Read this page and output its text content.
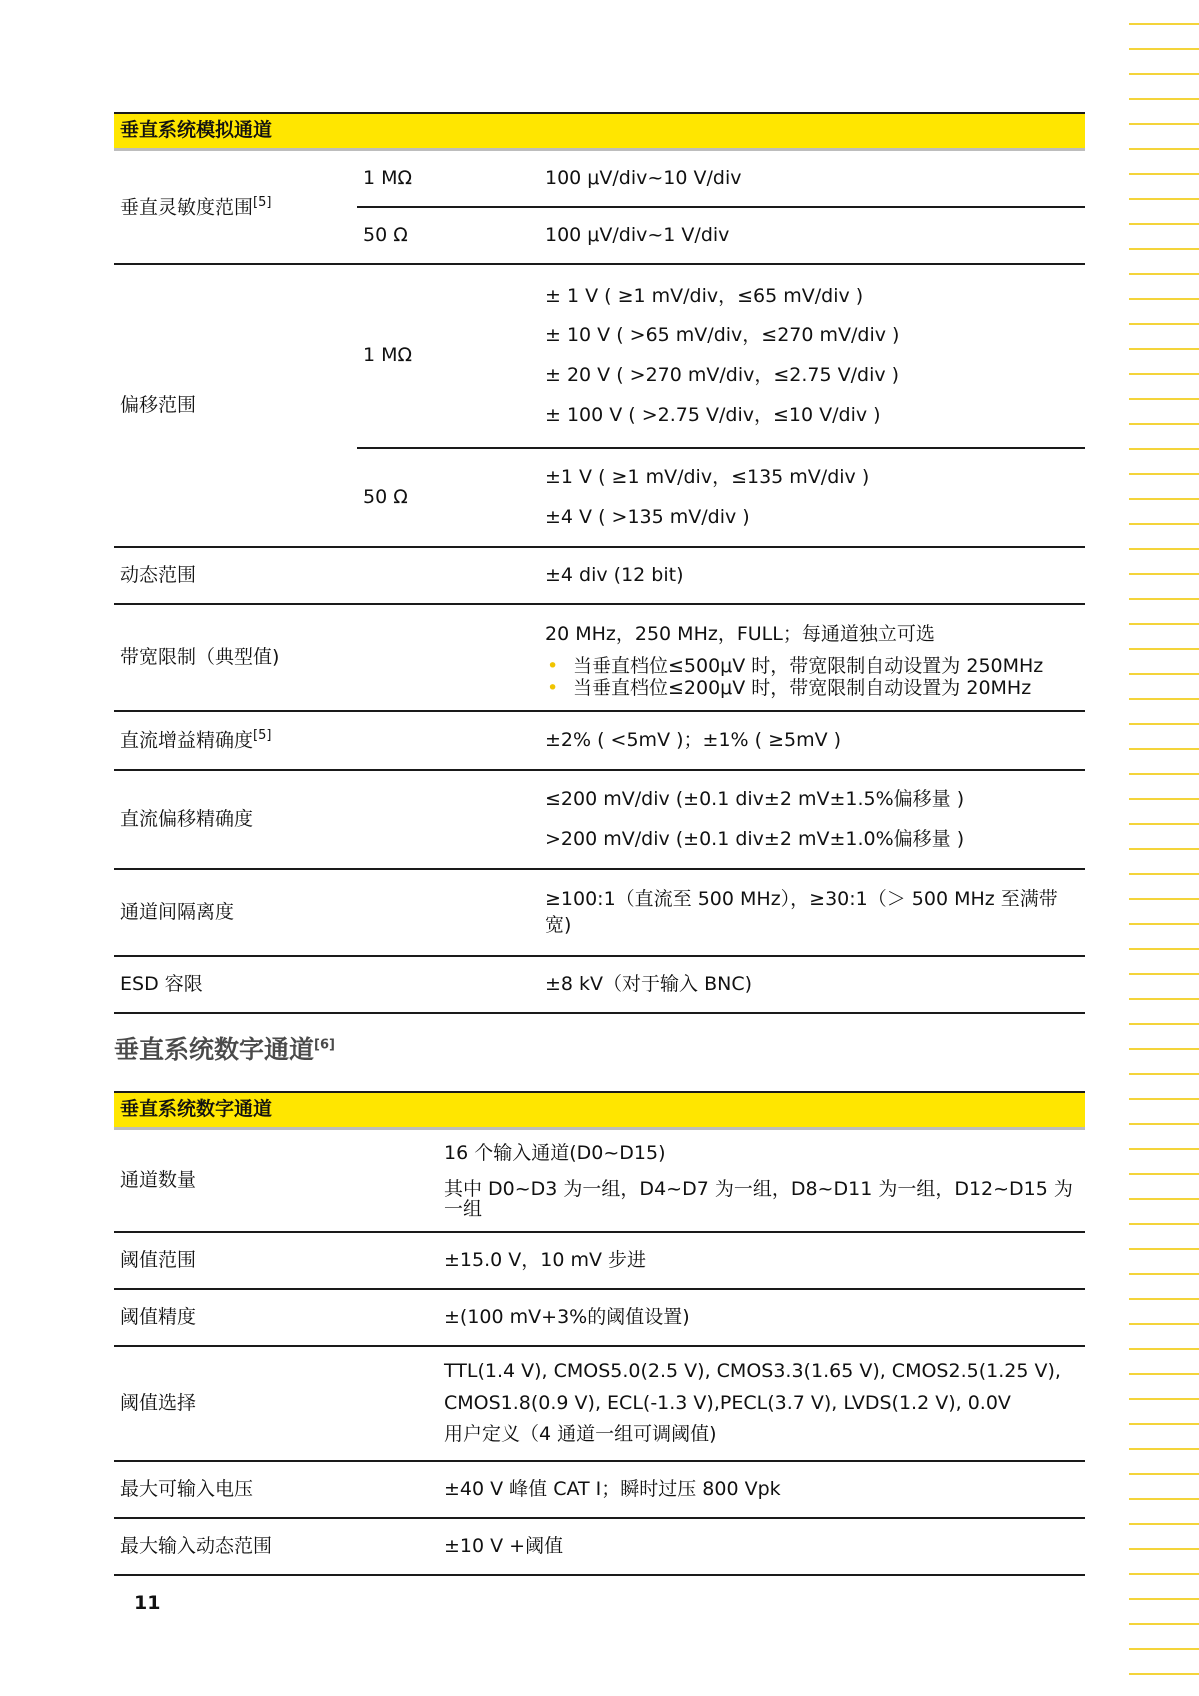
垂直系统模拟通道		
垂直灵敏度范围[5]	1 MΩ	100 μV/div~10 V/div
	50 Ω	100 μV/div~1 V/div
偏移范围	1 MΩ	± 1 V ( ≥1 mV/div，≤65 mV/div )
± 10 V ( >65 mV/div，≤270 mV/div )
± 20 V ( >270 mV/div，≤2.75 V/div )
± 100 V ( >2.75 V/div，≤10 V/div )

	50 Ω	±1 V ( ≥1 mV/div，≤135 mV/div )
±4 V ( >135 mV/div )

动态范围		±4 div (12 bit)
带宽限制（典型值)		20 MHz，250 MHz，FULL；每通道独立可选
• 当垂直档位≤500μV 时，带宽限制自动设置为 250MHz
• 当垂直档位≤200μV 时，带宽限制自动设置为 20MHz

直流增益精确度[5]		±2% ( <5mV )；±1% ( ≥5mV )
直流偏移精确度		≤200 mV/div (±0.1 div±2 mV±1.5%偏移量 )
>200 mV/div (±0.1 div±2 mV±1.0%偏移量 )

通道间隔离度		≥100:1（直流至 500 MHz），≥30:1（＞ 500 MHz 至满带宽)
ESD 容限		±8 kV（对于输入 BNC)
垂直系统数字通道[6]
垂直系统数字通道	
通道数量	16 个输入通道(D0~D15)
其中 D0~D3 为一组，D4~D7 为一组，D8~D11 为一组，D12~D15 为一组

阈值范围	±15.0 V，10 mV 步进
阈值精度	±(100 mV+3%的阈值设置)
阈值选择	TTL(1.4 V), CMOS5.0(2.5 V), CMOS3.3(1.65 V), CMOS2.5(1.25 V),
CMOS1.8(0.9 V), ECL(-1.3 V),PECL(3.7 V), LVDS(1.2 V), 0.0V
用户定义（4 通道一组可调阈值)

最大可输入电压	±40 V 峰值 CAT I；瞬时过压 800 Vpk
最大输入动态范围	±10 V +阈值
11
